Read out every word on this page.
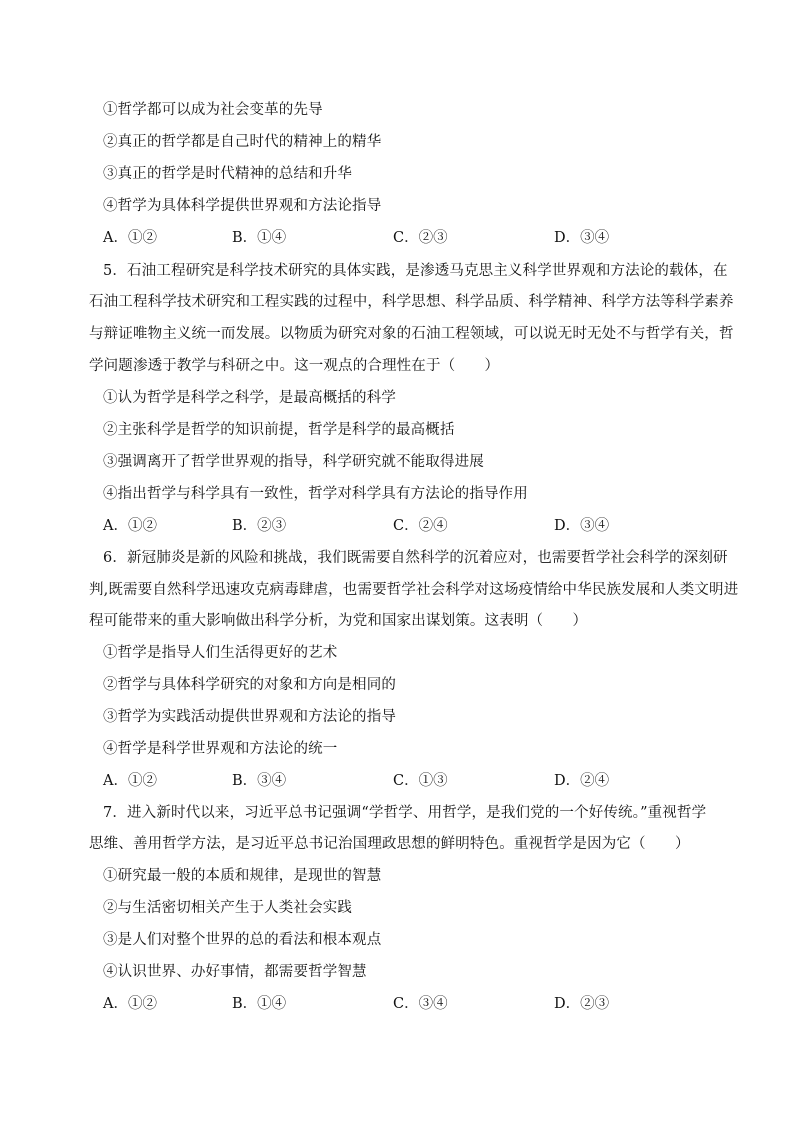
①哲学都可以成为社会变革的先导
②真正的哲学都是自己时代的精神上的精华
③真正的哲学是时代精神的总结和升华
④哲学为具体科学提供世界观和方法论指导
A．①②	B．①④	C．②③	D．③④
5．石油工程研究是科学技术研究的具体实践，是渗透马克思主义科学世界观和方法论的载体，在
石油工程科学技术研究和工程实践的过程中，科学思想、科学品质、科学精神、科学方法等科学素养
与辩证唯物主义统一而发展。以物质为研究对象的石油工程领域，可以说无时无处不与哲学有关，哲
学问题渗透于教学与科研之中。这一观点的合理性在于（　　）
①认为哲学是科学之科学，是最高概括的科学
②主张科学是哲学的知识前提，哲学是科学的最高概括
③强调离开了哲学世界观的指导，科学研究就不能取得进展
④指出哲学与科学具有一致性，哲学对科学具有方法论的指导作用
A．①②	B．②③	C．②④	D．③④
6．新冠肺炎是新的风险和挑战，我们既需要自然科学的沉着应对，也需要哲学社会科学的深刻研
判,既需要自然科学迅速攻克病毒肆虐，也需要哲学社会科学对这场疫情给中华民族发展和人类文明进
程可能带来的重大影响做出科学分析，为党和国家出谋划策。这表明（　　）
①哲学是指导人们生活得更好的艺术
②哲学与具体科学研究的对象和方向是相同的
③哲学为实践活动提供世界观和方法论的指导
④哲学是科学世界观和方法论的统一
A．①②	B．③④	C．①③	D．②④
7．进入新时代以来，习近平总书记强调“学哲学、用哲学，是我们党的一个好传统。”重视哲学
思维、善用哲学方法，是习近平总书记治国理政思想的鲜明特色。重视哲学是因为它（　　）
①研究最一般的本质和规律，是现世的智慧
②与生活密切相关产生于人类社会实践
③是人们对整个世界的总的看法和根本观点
④认识世界、办好事情，都需要哲学智慧
A．①②	B．①④	C．③④	D．②③
